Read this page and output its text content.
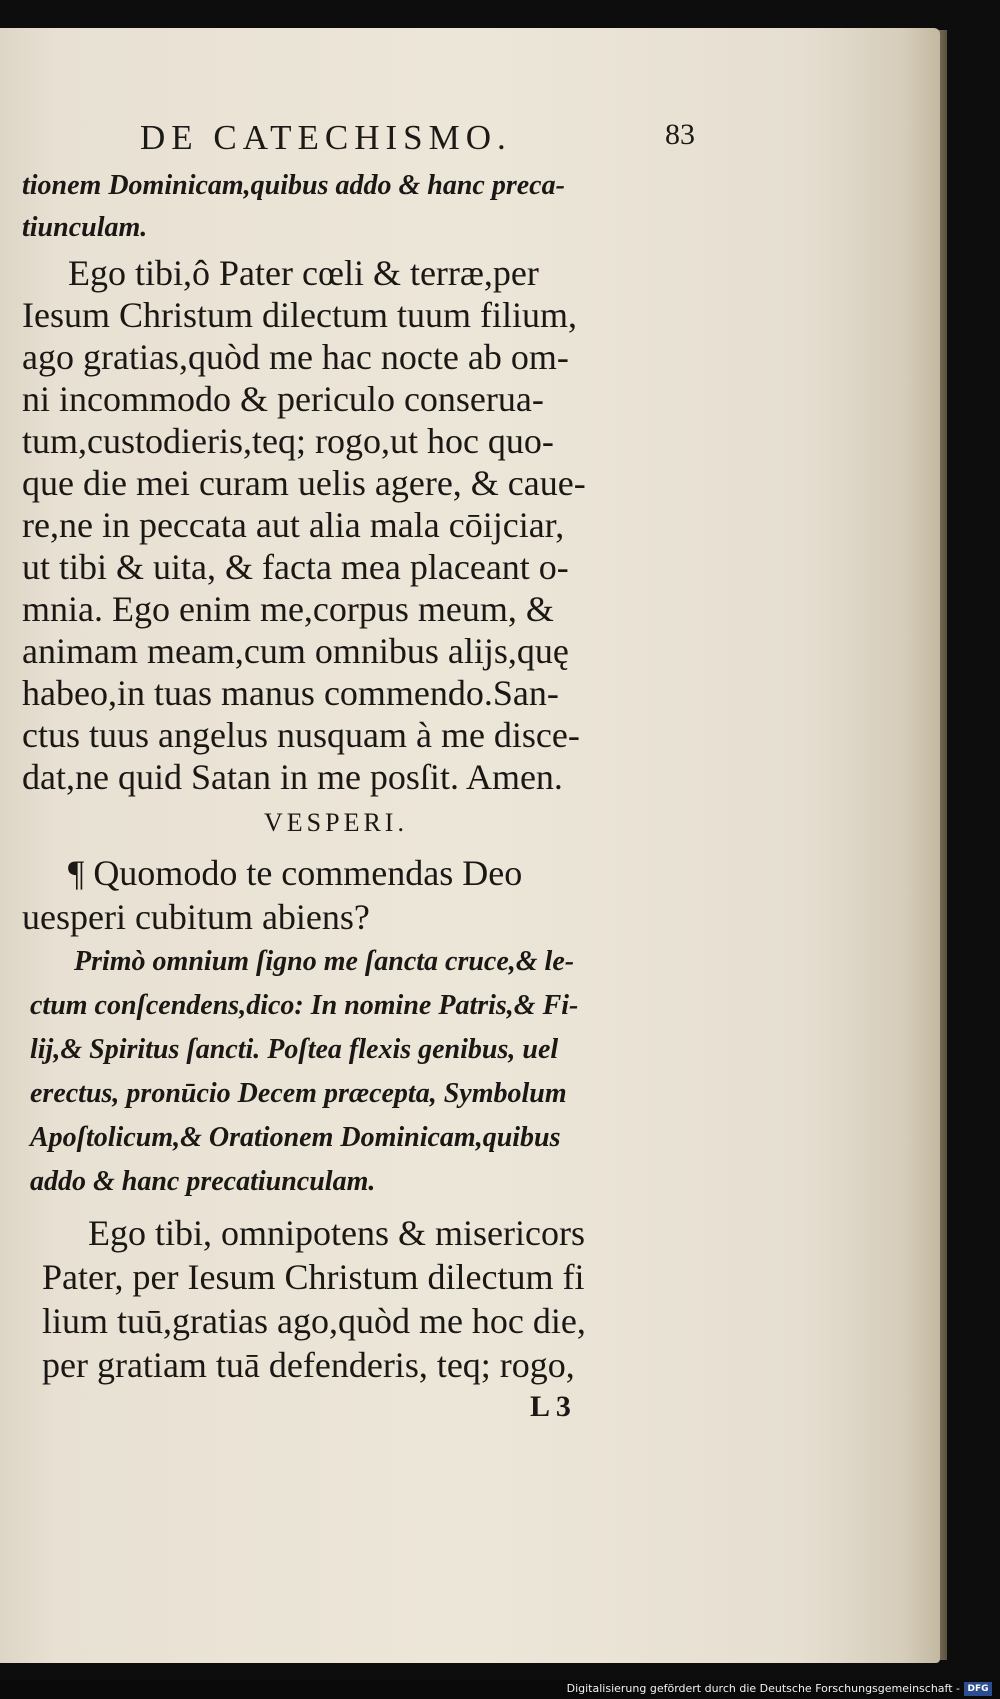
DE CATECHISMO.	83
tionem Dominicam,quibus addo & hanc preca-
tiunculam.
Ego tibi,ô Pater cœli & terræ,per
Iesum Christum dilectum tuum filium,
ago gratias,quòd me hac nocte ab om-
ni incommodo & periculo conserua-
tum,custodieris,teq; rogo,ut hoc quo-
que die mei curam uelis agere, & caue-
re,ne in peccata aut alia mala cōijciar,
ut tibi & uita, & facta mea placeant o-
mnia. Ego enim me,corpus meum, &
animam meam,cum omnibus alijs,quę
habeo,in tuas manus commendo.San-
ctus tuus angelus nusquam à me disce-
dat,ne quid Satan in me posſit. Amen.
VESPERI.
¶ Quomodo te commendas Deo
uesperi cubitum abiens?
Primò omnium ſigno me ſancta cruce,& le-
ctum conſcendens,dico: In nomine Patris,& Fi-
lij,& Spiritus ſancti. Poſtea flexis genibus, uel
erectus, pronūcio Decem præcepta, Symbolum
Apoſtolicum,& Orationem Dominicam,quibus
addo & hanc precatiunculam.
Ego tibi, omnipotens & misericors
Pater, per Iesum Christum dilectum fi
lium tuū,gratias ago,quòd me hoc die,
per gratiam tuā defenderis, teq; rogo,
L 3
Digitalisierung gefördert durch die Deutsche Forschungsgemeinschaft - DFG
